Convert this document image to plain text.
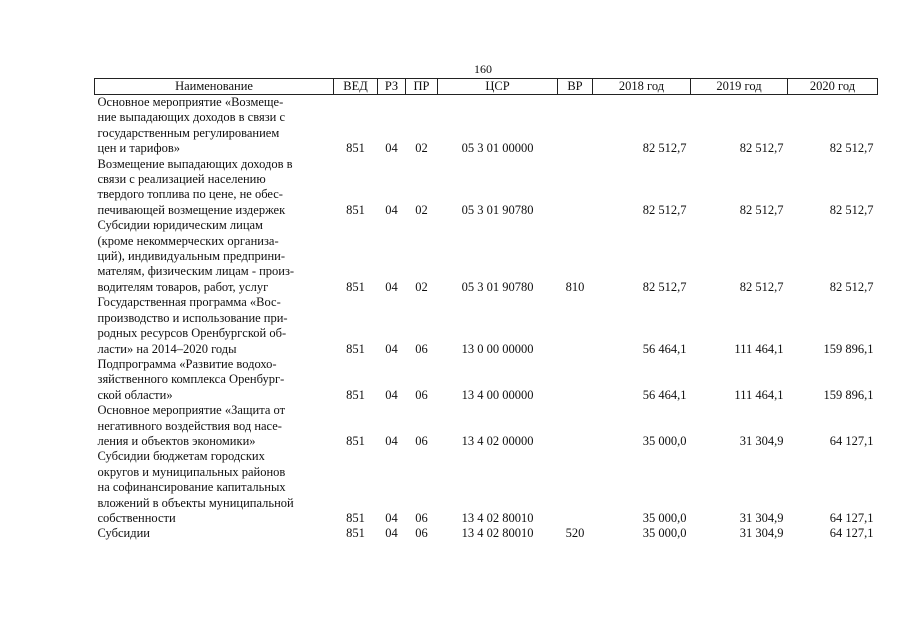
160
Наименование	ВЕД	РЗ	ПР	ЦСР	ВР	2018 год	2019 год	2020 год

Основное мероприятие «Возмеще-
ние выпадающих доходов в связи с
государственным регулированием
цен и тарифов»	851	04	02	05 3 01 00000		82 512,7	82 512,7	82 512,7

Возмещение выпадающих доходов в
связи с реализацией населению
твердого топлива по цене, не обес-
печивающей возмещение издержек	851	04	02	05 3 01 90780		82 512,7	82 512,7	82 512,7

Субсидии юридическим лицам
(кроме некоммерческих организа-
ций), индивидуальным предприни-
мателям, физическим лицам - произ-
водителям товаров, работ, услуг	851	04	02	05 3 01 90780	810	82 512,7	82 512,7	82 512,7

Государственная программа «Вос-
производство и использование при-
родных ресурсов Оренбургской об-
ласти» на 2014–2020 годы	851	04	06	13 0 00 00000		56 464,1	111 464,1	159 896,1

Подпрограмма «Развитие водохо-
зяйственного комплекса Оренбург-
ской области»	851	04	06	13 4 00 00000		56 464,1	111 464,1	159 896,1

Основное мероприятие «Защита от
негативного воздействия вод насе-
ления и объектов экономики»	851	04	06	13 4 02 00000		35 000,0	31 304,9	64 127,1

Субсидии бюджетам городских
округов и муниципальных районов
на софинансирование капитальных
вложений в объекты муниципальной
собственности	851	04	06	13 4 02 80010		35 000,0	31 304,9	64 127,1

Субсидии	851	04	06	13 4 02 80010	520	35 000,0	31 304,9	64 127,1
